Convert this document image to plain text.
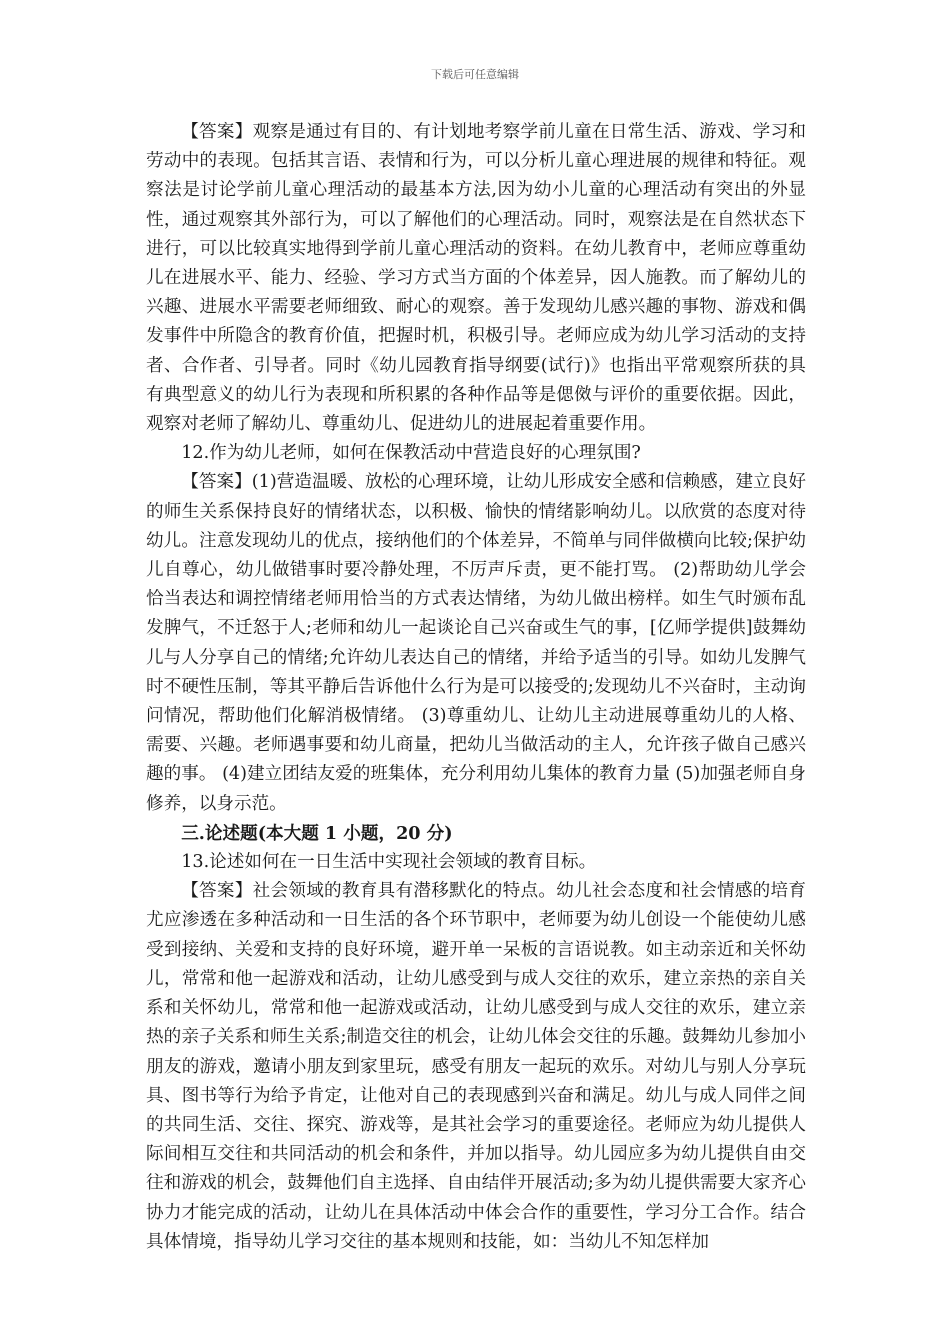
下载后可任意编辑

【答案】观察是通过有目的、有计划地考察学前儿童在日常生活、游戏、学习和劳动中的表现。包括其言语、表情和行为，可以分析儿童心理进展的规律和特征。观察法是讨论学前儿童心理活动的最基本方法,因为幼小儿童的心理活动有突出的外显性，通过观察其外部行为，可以了解他们的心理活动。同时，观察法是在自然状态下进行，可以比较真实地得到学前儿童心理活动的资料。在幼儿教育中，老师应尊重幼儿在进展水平、能力、经验、学习方式当方面的个体差异，因人施教。而了解幼儿的兴趣、进展水平需要老师细致、耐心的观察。善于发现幼儿感兴趣的事物、游戏和偶发事件中所隐含的教育价值，把握时机，积极引导。老师应成为幼儿学习活动的支持者、合作者、引导者。同时《幼儿园教育指导纲要(试行)》也指出平常观察所获的具有典型意义的幼儿行为表现和所积累的各种作品等是偲傚与评价的重要依据。因此，观察对老师了解幼儿、尊重幼儿、促进幼儿的进展起着重要作用。

12.作为幼儿老师，如何在保教活动中营造良好的心理氛围?

【答案】(1)营造温暖、放松的心理环境，让幼儿形成安全感和信赖感，建立良好的师生关系保持良好的情绪状态，以积极、愉快的情绪影响幼儿。以欣赏的态度对待幼儿。注意发现幼儿的优点，接纳他们的个体差异，不简单与同伴做横向比较;保护幼儿自尊心，幼儿做错事时要冷静处理，不厉声斥责，更不能打骂。 (2)帮助幼儿学会恰当表达和调控情绪老师用恰当的方式表达情绪，为幼儿做出榜样。如生气时颁布乱发脾气，不迁怒于人;老师和幼儿一起谈论自己兴奋或生气的事，[亿师学提供]鼓舞幼儿与人分享自己的情绪;允许幼儿表达自己的情绪，并给予适当的引导。如幼儿发脾气时不硬性压制，等其平静后告诉他什么行为是可以接受的;发现幼儿不兴奋时，主动询问情况，帮助他们化解消极情绪。 (3)尊重幼儿、让幼儿主动进展尊重幼儿的人格、需要、兴趣。老师遇事要和幼儿商量，把幼儿当做活动的主人，允许孩子做自己感兴趣的事。 (4)建立团结友爱的班集体，充分利用幼儿集体的教育力量 (5)加强老师自身修养，以身示范。

三.论述题(本大题 1 小题，20 分)

13.论述如何在一日生活中实现社会领域的教育目标。

【答案】社会领域的教育具有潜移默化的特点。幼儿社会态度和社会情感的培育尤应渗透在多种活动和一日生活的各个环节职中，老师要为幼儿创设一个能使幼儿感受到接纳、关爱和支持的良好环境，避开单一呆板的言语说教。如主动亲近和关怀幼儿，常常和他一起游戏和活动，让幼儿感受到与成人交往的欢乐，建立亲热的亲自关系和关怀幼儿，常常和他一起游戏或活动，让幼儿感受到与成人交往的欢乐，建立亲热的亲子关系和师生关系;制造交往的机会，让幼儿体会交往的乐趣。鼓舞幼儿参加小朋友的游戏，邀请小朋友到家里玩，感受有朋友一起玩的欢乐。对幼儿与别人分享玩具、图书等行为给予肯定，让他对自己的表现感到兴奋和满足。幼儿与成人同伴之间的共同生活、交往、探究、游戏等，是其社会学习的重要途径。老师应为幼儿提供人际间相互交往和共同活动的机会和条件，并加以指导。幼儿园应多为幼儿提供自由交往和游戏的机会，鼓舞他们自主选择、自由结伴开展活动;多为幼儿提供需要大家齐心协力才能完成的活动，让幼儿在具体活动中体会合作的重要性，学习分工合作。结合具体情境，指导幼儿学习交往的基本规则和技能，如：当幼儿不知怎样加
